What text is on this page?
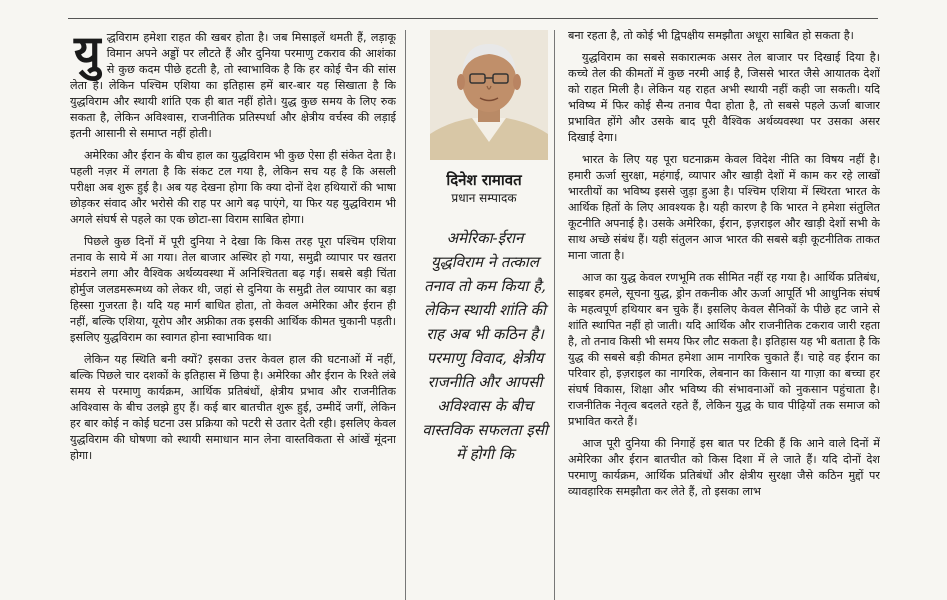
युद्धविराम हमेशा राहत की खबर होता है। जब मिसाइलें थमती हैं, लड़ाकू विमान अपने अड्डों पर लौटते हैं और दुनिया परमाणु टकराव की आशंका से कुछ कदम पीछे हटती है, तो स्वाभाविक है कि हर कोई चैन की सांस लेता है। लेकिन पश्चिम एशिया का इतिहास हमें बार-बार यह सिखाता है कि युद्धविराम और स्थायी शांति एक ही बात नहीं होते। युद्ध कुछ समय के लिए रुक सकता है, लेकिन अविश्वास, राजनीतिक प्रतिस्पर्धा और क्षेत्रीय वर्चस्व की लड़ाई इतनी आसानी से समाप्त नहीं होती।

अमेरिका और ईरान के बीच हाल का युद्धविराम भी कुछ ऐसा ही संकेत देता है। पहली नज़र में लगता है कि संकट टल गया है, लेकिन सच यह है कि असली परीक्षा अब शुरू हुई है। अब यह देखना होगा कि क्या दोनों देश हथियारों की भाषा छोड़कर संवाद और भरोसे की राह पर आगे बढ़ पाएंगे, या फिर यह युद्धविराम भी अगले संघर्ष से पहले का एक छोटा-सा विराम साबित होगा।

पिछले कुछ दिनों में पूरी दुनिया ने देखा कि किस तरह पूरा पश्चिम एशिया तनाव के साये में आ गया। तेल बाजार अस्थिर हो गया, समुद्री व्यापार पर खतरा मंडराने लगा और वैश्विक अर्थव्यवस्था में अनिश्चितता बढ़ गई। सबसे बड़ी चिंता होर्मुज जलडमरूमध्य को लेकर थी, जहां से दुनिया के समुद्री तेल व्यापार का बड़ा हिस्सा गुजरता है। यदि यह मार्ग बाधित होता, तो केवल अमेरिका और ईरान ही नहीं, बल्कि एशिया, यूरोप और अफ्रीका तक इसकी आर्थिक कीमत चुकानी पड़ती। इसलिए युद्धविराम का स्वागत होना स्वाभाविक था।

लेकिन यह स्थिति बनी क्यों? इसका उत्तर केवल हाल की घटनाओं में नहीं, बल्कि पिछले चार दशकों के इतिहास में छिपा है। अमेरिका और ईरान के रिश्ते लंबे समय से परमाणु कार्यक्रम, आर्थिक प्रतिबंधों, क्षेत्रीय प्रभाव और राजनीतिक अविश्वास के बीच उलझे हुए हैं। कई बार बातचीत शुरू हुई, उम्मीदें जगीं, लेकिन हर बार कोई न कोई घटना उस प्रक्रिया को पटरी से उतार देती रही। इसलिए केवल युद्धविराम की घोषणा को स्थायी समाधान मान लेना वास्तविकता से आंखें मूंदना होगा।

दिनेश रामावत
प्रधान सम्पादक
अमेरिका-ईरान युद्धविराम ने तत्काल तनाव तो कम किया है, लेकिन स्थायी शांति की राह अब भी कठिन है। परमाणु विवाद, क्षेत्रीय राजनीति और आपसी अविश्वास के बीच वास्तविक सफलता इसी में होगी कि

बना रहता है, तो कोई भी द्विपक्षीय समझौता अधूरा साबित हो सकता है।

युद्धविराम का सबसे सकारात्मक असर तेल बाजार पर दिखाई दिया है। कच्चे तेल की कीमतों में कुछ नरमी आई है, जिससे भारत जैसे आयातक देशों को राहत मिली है। लेकिन यह राहत अभी स्थायी नहीं कही जा सकती। यदि भविष्य में फिर कोई सैन्य तनाव पैदा होता है, तो सबसे पहले ऊर्जा बाजार प्रभावित होंगे और उसके बाद पूरी वैश्विक अर्थव्यवस्था पर उसका असर दिखाई देगा।

भारत के लिए यह पूरा घटनाक्रम केवल विदेश नीति का विषय नहीं है। हमारी ऊर्जा सुरक्षा, महंगाई, व्यापार और खाड़ी देशों में काम कर रहे लाखों भारतीयों का भविष्य इससे जुड़ा हुआ है। पश्चिम एशिया में स्थिरता भारत के आर्थिक हितों के लिए आवश्यक है। यही कारण है कि भारत ने हमेशा संतुलित कूटनीति अपनाई है। उसके अमेरिका, ईरान, इज़राइल और खाड़ी देशों सभी के साथ अच्छे संबंध हैं। यही संतुलन आज भारत की सबसे बड़ी कूटनीतिक ताकत माना जाता है।

आज का युद्ध केवल रणभूमि तक सीमित नहीं रह गया है। आर्थिक प्रतिबंध, साइबर हमले, सूचना युद्ध, ड्रोन तकनीक और ऊर्जा आपूर्ति भी आधुनिक संघर्ष के महत्वपूर्ण हथियार बन चुके हैं। इसलिए केवल सैनिकों के पीछे हट जाने से शांति स्थापित नहीं हो जाती। यदि आर्थिक और राजनीतिक टकराव जारी रहता है, तो तनाव किसी भी समय फिर लौट सकता है। इतिहास यह भी बताता है कि युद्ध की सबसे बड़ी कीमत हमेशा आम नागरिक चुकाते हैं। चाहे वह ईरान का परिवार हो, इज़राइल का नागरिक, लेबनान का किसान या गाज़ा का बच्चा हर संघर्ष विकास, शिक्षा और भविष्य की संभावनाओं को नुकसान पहुंचाता है। राजनीतिक नेतृत्व बदलते रहते हैं, लेकिन युद्ध के घाव पीढ़ियों तक समाज को प्रभावित करते हैं।

आज पूरी दुनिया की निगाहें इस बात पर टिकी हैं कि आने वाले दिनों में अमेरिका और ईरान बातचीत को किस दिशा में ले जाते हैं। यदि दोनों देश परमाणु कार्यक्रम, आर्थिक प्रतिबंधों और क्षेत्रीय सुरक्षा जैसे कठिन मुद्दों पर व्यावहारिक समझौता कर लेते हैं, तो इसका लाभ
